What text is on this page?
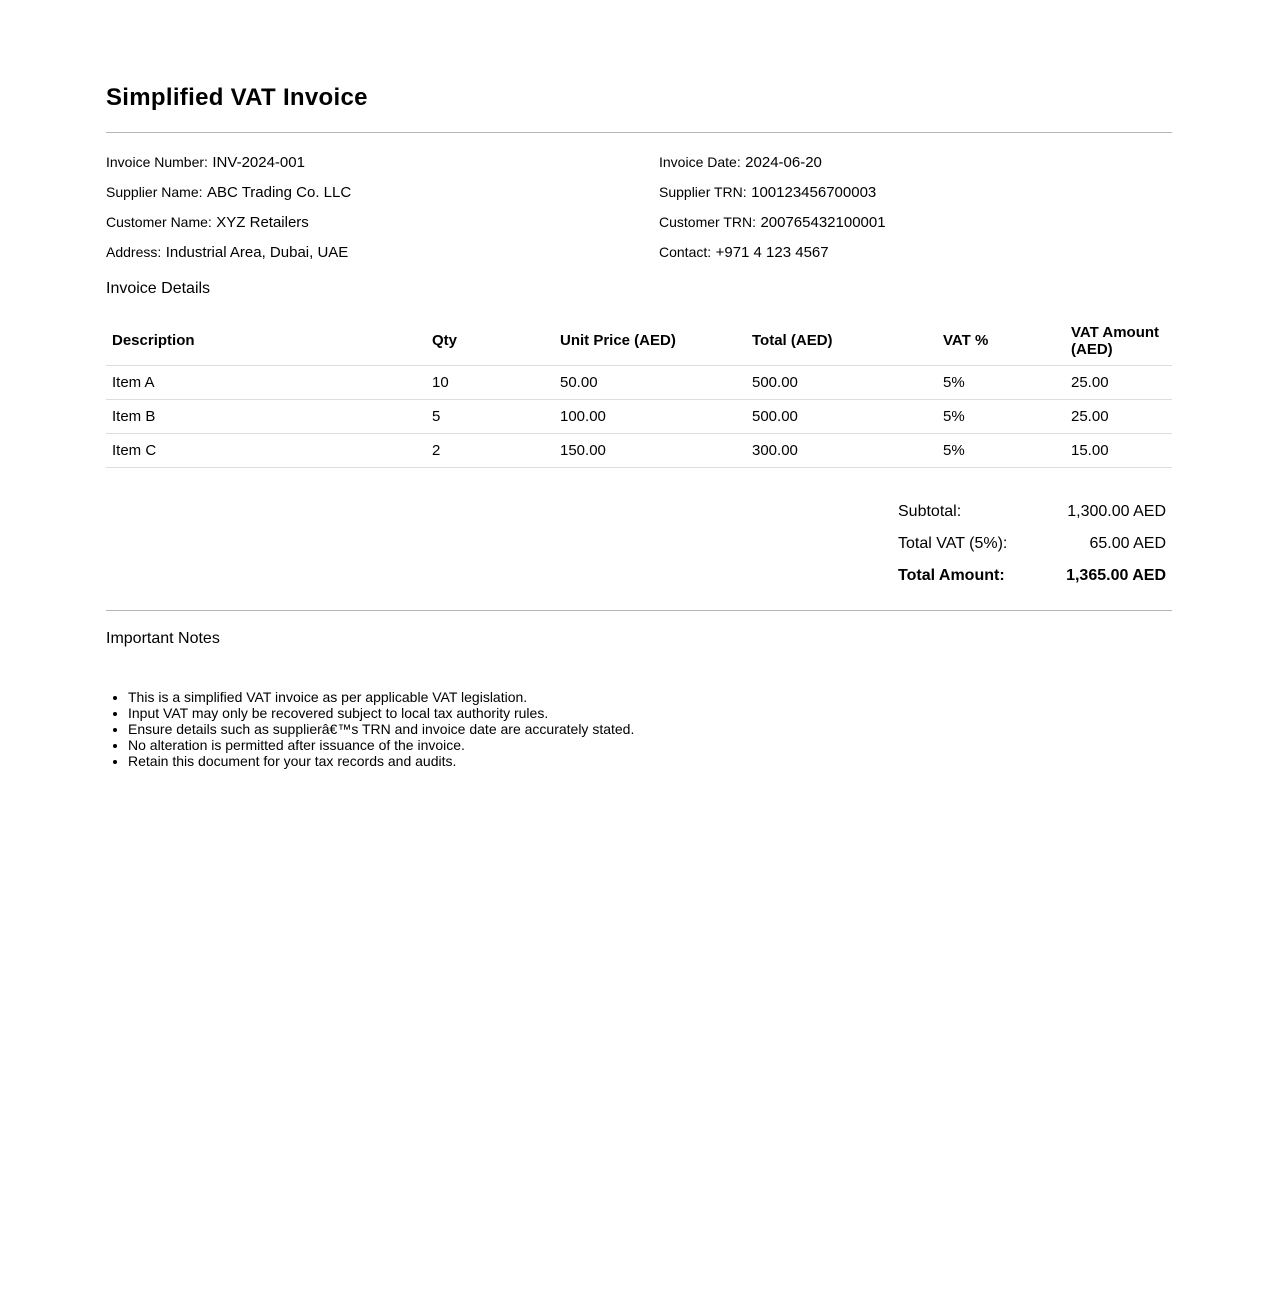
Simplified VAT Invoice
Invoice Number: INV-2024-001	Invoice Date: 2024-06-20
Supplier Name: ABC Trading Co. LLC	Supplier TRN: 100123456700003
Customer Name: XYZ Retailers	Customer TRN: 200765432100001
Address: Industrial Area, Dubai, UAE	Contact: +971 4 123 4567
Invoice Details
Description	Qty	Unit Price (AED)	Total (AED)	VAT %	VAT Amount (AED)
Item A	10	50.00	500.00	5%	25.00
Item B	5	100.00	500.00	5%	25.00
Item C	2	150.00	300.00	5%	15.00
Subtotal:	1,300.00 AED
Total VAT (5%):	65.00 AED
Total Amount:	1,365.00 AED
Important Notes
• This is a simplified VAT invoice as per applicable VAT legislation.
• Input VAT may only be recovered subject to local tax authority rules.
• Ensure details such as supplierâ€™s TRN and invoice date are accurately stated.
• No alteration is permitted after issuance of the invoice.
• Retain this document for your tax records and audits.
